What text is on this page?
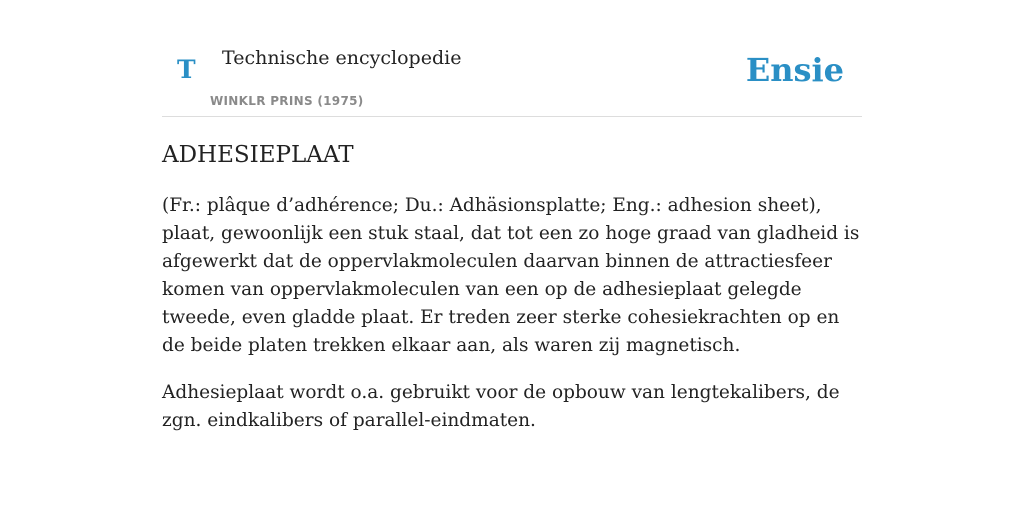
T Technische encyclopedie
WINKLR PRINS (1975)
Ensie
ADHESIEPLAAT

(Fr.: plâque d’adhérence; Du.: Adhäsionsplatte; Eng.: adhesion sheet), plaat, gewoonlijk een stuk staal, dat tot een zo hoge graad van gladheid is afgewerkt dat de oppervlakmoleculen daarvan binnen de attractiesfeer komen van oppervlakmoleculen van een op de adhesieplaat gelegde tweede, even gladde plaat. Er treden zeer sterke cohesiekrachten op en de beide platen trekken elkaar aan, als waren zij magnetisch.

Adhesieplaat wordt o.a. gebruikt voor de opbouw van lengtekalibers, de zgn. eindkalibers of parallel-eindmaten.
